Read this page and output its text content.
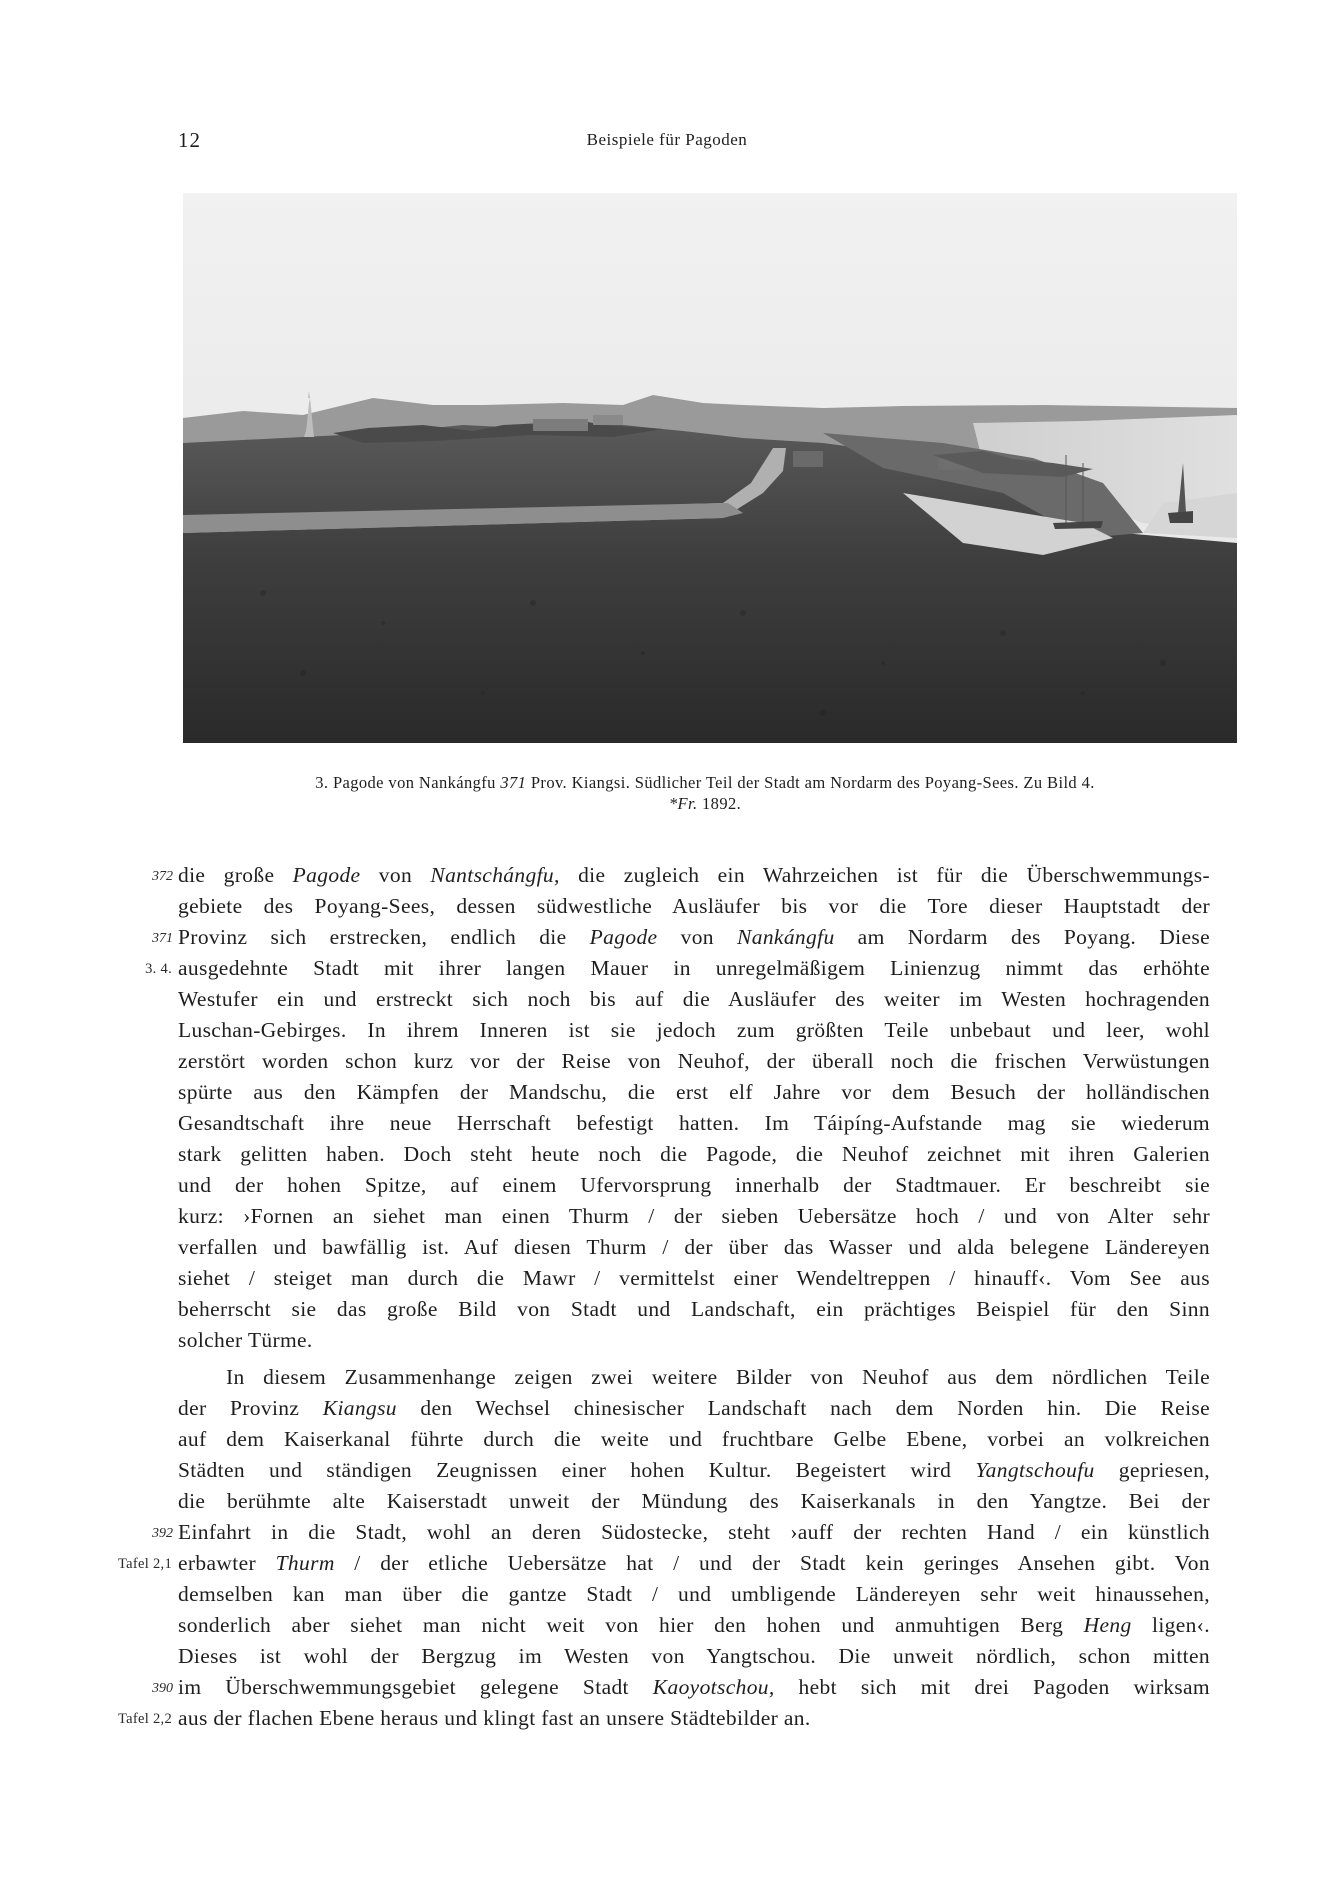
12	Beispiele für Pagoden
3. Pagode von Nankángfu 371 Prov. Kiangsi. Südlicher Teil der Stadt am Nordarm des Poyang-Sees. Zu Bild 4.
*Fr. 1892.
372 die große Pagode von Nantschángfu, die zugleich ein Wahrzeichen ist für die Überschwemmungs-
gebiete des Poyang-Sees, dessen südwestliche Ausläufer bis vor die Tore dieser Hauptstadt der
371 Provinz sich erstrecken, endlich die Pagode von Nankángfu am Nordarm des Poyang. Diese
3. 4. ausgedehnte Stadt mit ihrer langen Mauer in unregelmäßigem Linienzug nimmt das erhöhte
Westufer ein und erstreckt sich noch bis auf die Ausläufer des weiter im Westen hochragenden
Luschan-Gebirges. In ihrem Inneren ist sie jedoch zum größten Teile unbebaut und leer, wohl
zerstört worden schon kurz vor der Reise von Neuhof, der überall noch die frischen Verwüstungen
spürte aus den Kämpfen der Mandschu, die erst elf Jahre vor dem Besuch der holländischen
Gesandtschaft ihre neue Herrschaft befestigt hatten. Im Táipíng-Aufstande mag sie wiederum
stark gelitten haben. Doch steht heute noch die Pagode, die Neuhof zeichnet mit ihren Galerien
und der hohen Spitze, auf einem Ufervorsprung innerhalb der Stadtmauer. Er beschreibt sie
kurz: ›Fornen an siehet man einen Thurm / der sieben Uebersätze hoch / und von Alter sehr
verfallen und bawfällig ist. Auf diesen Thurm / der über das Wasser und alda belegene Ländereyen
siehet / steiget man durch die Mawr / vermittelst einer Wendeltreppen / hinauff‹. Vom See aus
beherrscht sie das große Bild von Stadt und Landschaft, ein prächtiges Beispiel für den Sinn
solcher Türme.
In diesem Zusammenhange zeigen zwei weitere Bilder von Neuhof aus dem nördlichen Teile
der Provinz Kiangsu den Wechsel chinesischer Landschaft nach dem Norden hin. Die Reise
auf dem Kaiserkanal führte durch die weite und fruchtbare Gelbe Ebene, vorbei an volkreichen
Städten und ständigen Zeugnissen einer hohen Kultur. Begeistert wird Yangtschoufu gepriesen,
die berühmte alte Kaiserstadt unweit der Mündung des Kaiserkanals in den Yangtze. Bei der
392 Einfahrt in die Stadt, wohl an deren Südostecke, steht ›auff der rechten Hand / ein künstlich
Tafel 2,1 erbawter Thurm / der etliche Uebersätze hat / und der Stadt kein geringes Ansehen gibt. Von
demselben kan man über die gantze Stadt / und umbligende Ländereyen sehr weit hinaussehen,
sonderlich aber siehet man nicht weit von hier den hohen und anmuhtigen Berg Heng ligen‹.
Dieses ist wohl der Bergzug im Westen von Yangtschou. Die unweit nördlich, schon mitten
390 im Überschwemmungsgebiet gelegene Stadt Kaoyotschou, hebt sich mit drei Pagoden wirksam
Tafel 2,2 aus der flachen Ebene heraus und klingt fast an unsere Städtebilder an.
